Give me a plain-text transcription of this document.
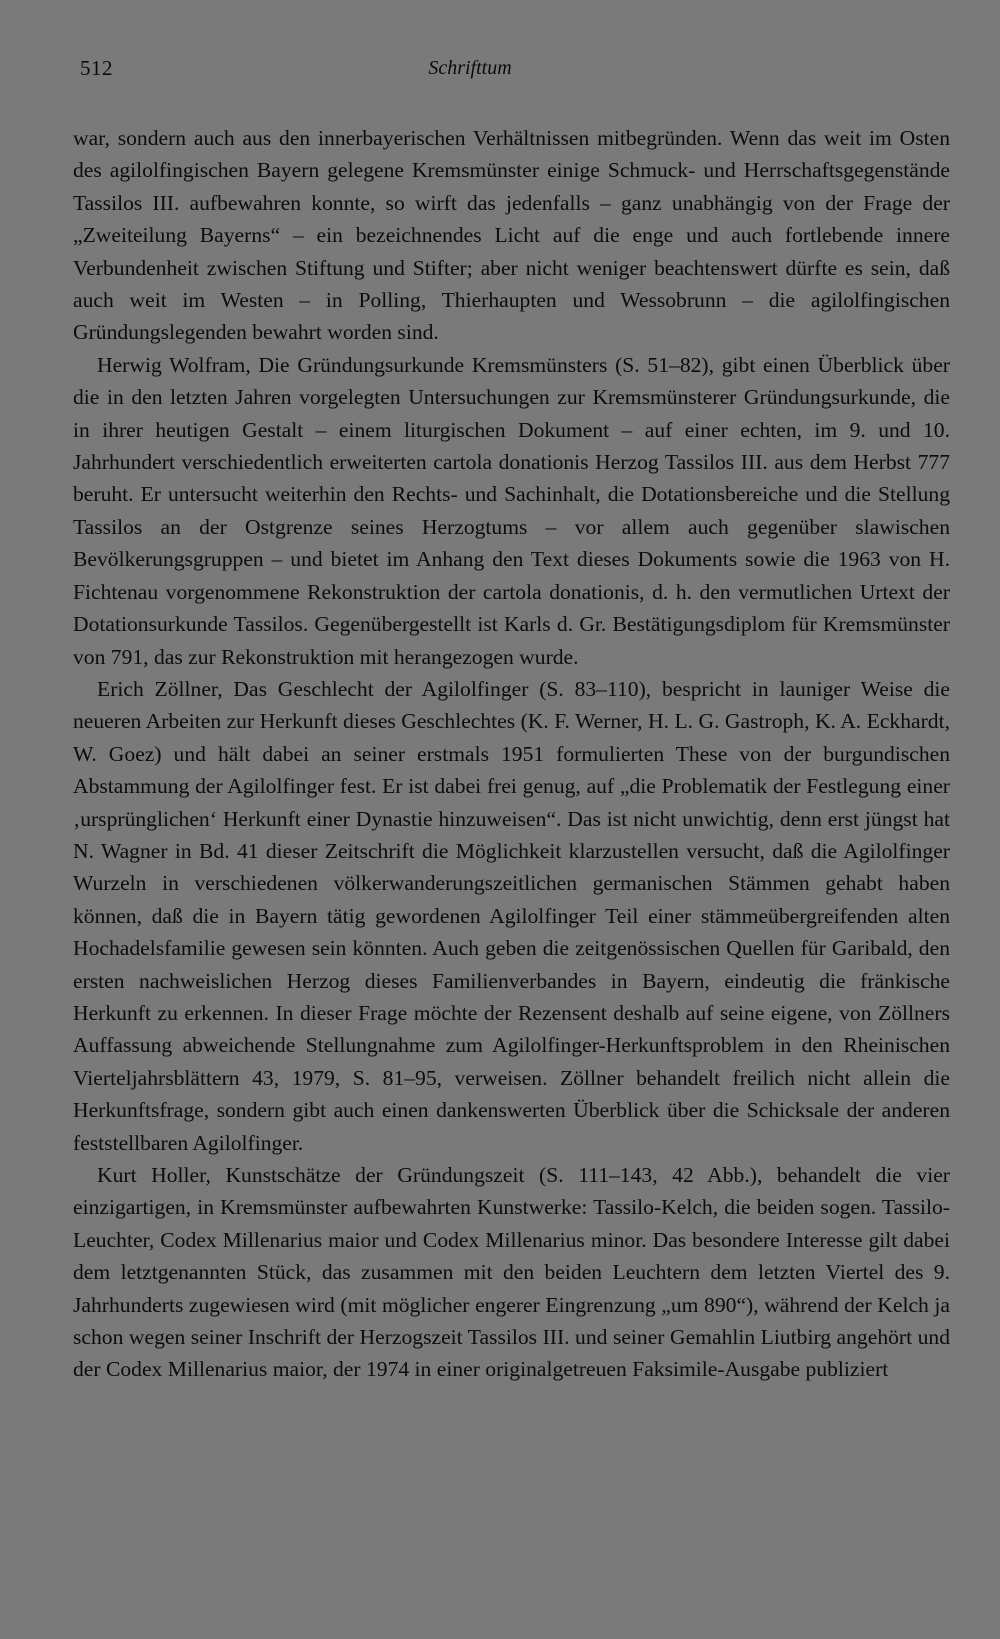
512	Schrifttum

war, sondern auch aus den innerbayerischen Verhältnissen mitbegründen. Wenn das weit im Osten des agilolfingischen Bayern gelegene Kremsmünster einige Schmuck- und Herrschaftsgegenstände Tassilos III. aufbewahren konnte, so wirft das jedenfalls – ganz unabhängig von der Frage der „Zweiteilung Bayerns“ – ein bezeichnendes Licht auf die enge und auch fortlebende innere Verbundenheit zwischen Stiftung und Stifter; aber nicht weniger beachtenswert dürfte es sein, daß auch weit im Westen – in Polling, Thierhaupten und Wessobrunn – die agilolfingischen Gründungslegenden bewahrt worden sind.

Herwig Wolfram, Die Gründungsurkunde Kremsmünsters (S. 51–82), gibt einen Überblick über die in den letzten Jahren vorgelegten Untersuchungen zur Kremsmünsterer Gründungsurkunde, die in ihrer heutigen Gestalt – einem liturgischen Dokument – auf einer echten, im 9. und 10. Jahrhundert verschiedentlich erweiterten cartola donationis Herzog Tassilos III. aus dem Herbst 777 beruht. Er untersucht weiterhin den Rechts- und Sachinhalt, die Dotationsbereiche und die Stellung Tassilos an der Ostgrenze seines Herzogtums – vor allem auch gegenüber slawischen Bevölkerungsgruppen – und bietet im Anhang den Text dieses Dokuments sowie die 1963 von H. Fichtenau vorgenommene Rekonstruktion der cartola donationis, d. h. den vermutlichen Urtext der Dotationsurkunde Tassilos. Gegenübergestellt ist Karls d. Gr. Bestätigungsdiplom für Kremsmünster von 791, das zur Rekonstruktion mit herangezogen wurde.

Erich Zöllner, Das Geschlecht der Agilolfinger (S. 83–110), bespricht in launiger Weise die neueren Arbeiten zur Herkunft dieses Geschlechtes (K. F. Werner, H. L. G. Gastroph, K. A. Eckhardt, W. Goez) und hält dabei an seiner erstmals 1951 formulierten These von der burgundischen Abstammung der Agilolfinger fest. Er ist dabei frei genug, auf „die Problematik der Festlegung einer ‚ursprünglichen‘ Herkunft einer Dynastie hinzuweisen“. Das ist nicht unwichtig, denn erst jüngst hat N. Wagner in Bd. 41 dieser Zeitschrift die Möglichkeit klarzustellen versucht, daß die Agilolfinger Wurzeln in verschiedenen völkerwanderungszeitlichen germanischen Stämmen gehabt haben können, daß die in Bayern tätig gewordenen Agilolfinger Teil einer stämmeübergreifenden alten Hochadelsfamilie gewesen sein könnten. Auch geben die zeitgenössischen Quellen für Garibald, den ersten nachweislichen Herzog dieses Familienverbandes in Bayern, eindeutig die fränkische Herkunft zu erkennen. In dieser Frage möchte der Rezensent deshalb auf seine eigene, von Zöllners Auffassung abweichende Stellungnahme zum Agilolfinger-Herkunftsproblem in den Rheinischen Vierteljahrsblättern 43, 1979, S. 81–95, verweisen. Zöllner behandelt freilich nicht allein die Herkunftsfrage, sondern gibt auch einen dankenswerten Überblick über die Schicksale der anderen feststellbaren Agilolfinger.

Kurt Holler, Kunstschätze der Gründungszeit (S. 111–143, 42 Abb.), behandelt die vier einzigartigen, in Kremsmünster aufbewahrten Kunstwerke: Tassilo-Kelch, die beiden sogen. Tassilo-Leuchter, Codex Millenarius maior und Codex Millenarius minor. Das besondere Interesse gilt dabei dem letztgenannten Stück, das zusammen mit den beiden Leuchtern dem letzten Viertel des 9. Jahrhunderts zugewiesen wird (mit möglicher engerer Eingrenzung „um 890“), während der Kelch ja schon wegen seiner Inschrift der Herzogszeit Tassilos III. und seiner Gemahlin Liutbirg angehört und der Codex Millenarius maior, der 1974 in einer originalgetreuen Faksimile-Ausgabe publiziert
